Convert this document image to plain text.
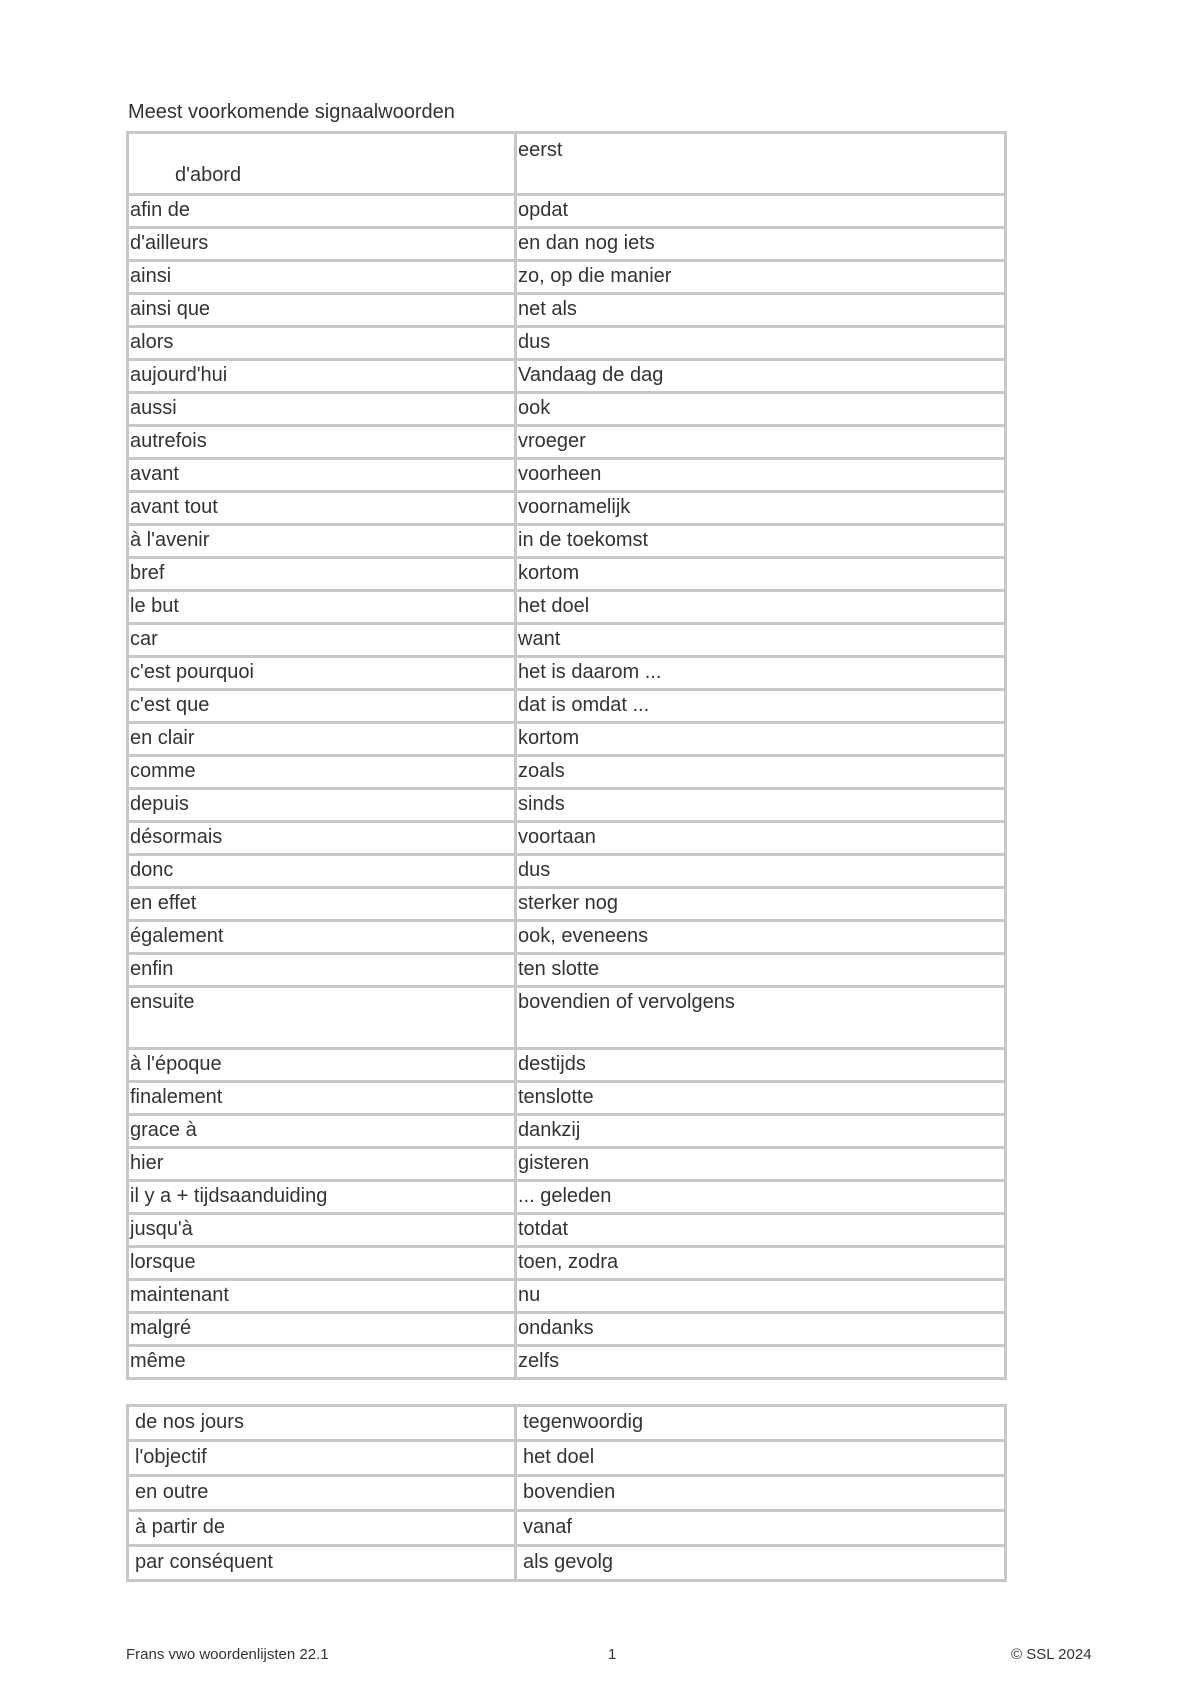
Meest voorkomende signaalwoorden
d'abord	eerst
afin de	opdat
d'ailleurs	en dan nog iets
ainsi	zo, op die manier
ainsi que	net als
alors	dus
aujourd'hui	Vandaag de dag
aussi	ook
autrefois	vroeger
avant	voorheen
avant tout	voornamelijk
à l'avenir	in de toekomst
bref	kortom
le but	het doel
car	want
c'est pourquoi	het is daarom ...
c'est que	dat is omdat ...
en clair	kortom
comme	zoals
depuis	sinds
désormais	voortaan
donc	dus
en effet	sterker nog
également	ook, eveneens
enfin	ten slotte
ensuite	bovendien of vervolgens
à l'époque	destijds
finalement	tenslotte
grace à	dankzij
hier	gisteren
il y a + tijdsaanduiding	... geleden
jusqu'à	totdat
lorsque	toen, zodra
maintenant	nu
malgré	ondanks
même	zelfs
de nos jours	tegenwoordig
l'objectif	het doel
en outre	bovendien
à partir de	vanaf
par conséquent	als gevolg
Frans vwo woordenlijsten 22.1	1	© SSL 2024
